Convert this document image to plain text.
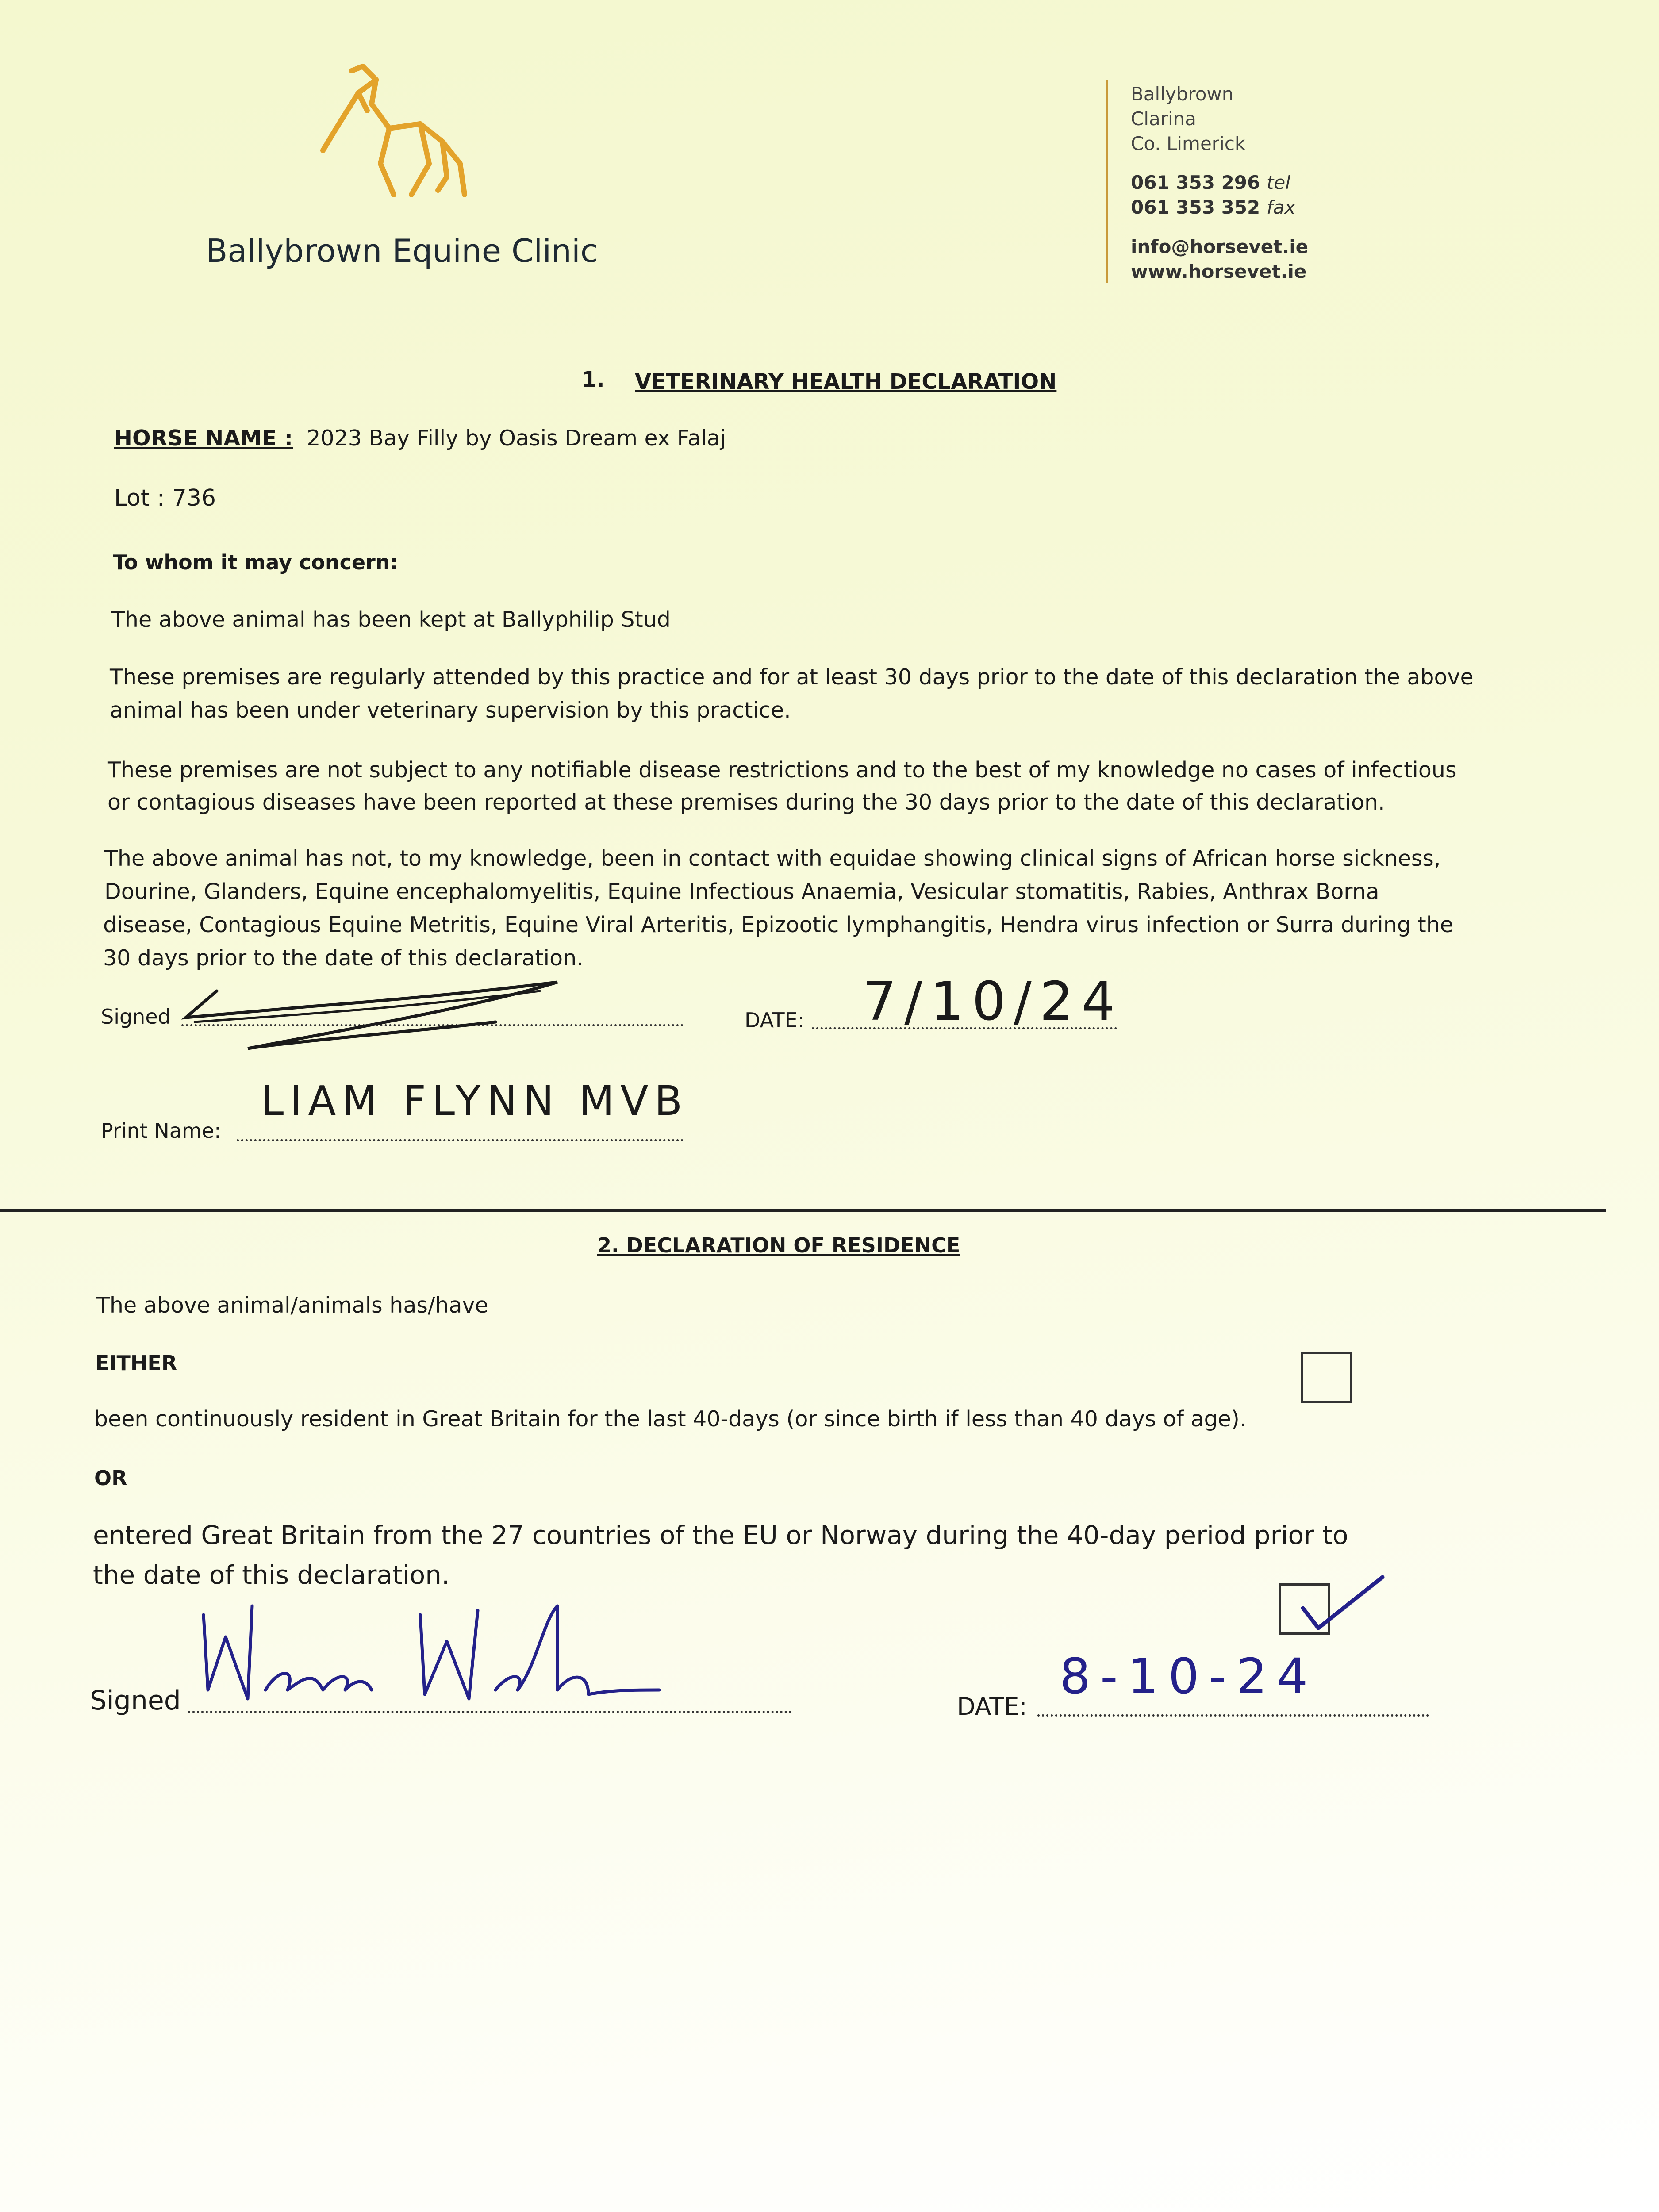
Ballybrown Equine Clinic
Ballybrown
Clarina
Co. Limerick
061 353 296 tel
061 353 352 fax
info@horsevet.ie
www.horsevet.ie
1. VETERINARY HEALTH DECLARATION
HORSE NAME : 2023 Bay Filly by Oasis Dream ex Falaj
Lot : 736
To whom it may concern:
The above animal has been kept at Ballyphilip Stud
These premises are regularly attended by this practice and for at least 30 days prior to the date of this declaration the above
animal has been under veterinary supervision by this practice.
These premises are not subject to any notifiable disease restrictions and to the best of my knowledge no cases of infectious
or contagious diseases have been reported at these premises during the 30 days prior to the date of this declaration.
The above animal has not, to my knowledge, been in contact with equidae showing clinical signs of African horse sickness,
Dourine, Glanders, Equine encephalomyelitis, Equine Infectious Anaemia, Vesicular stomatitis, Rabies, Anthrax Borna
disease, Contagious Equine Metritis, Equine Viral Arteritis, Epizootic lymphangitis, Hendra virus infection or Surra during the
30 days prior to the date of this declaration.
Signed	DATE: 7/10/24
Print Name:
LIAM FLYNN MVB
2. DECLARATION OF RESIDENCE
The above animal/animals has/have
EITHER
been continuously resident in Great Britain for the last 40-days (or since birth if less than 40 days of age).
OR
entered Great Britain from the 27 countries of the EU or Norway during the 40-day period prior to
the date of this declaration.
Signed	DATE:
8-10-24
